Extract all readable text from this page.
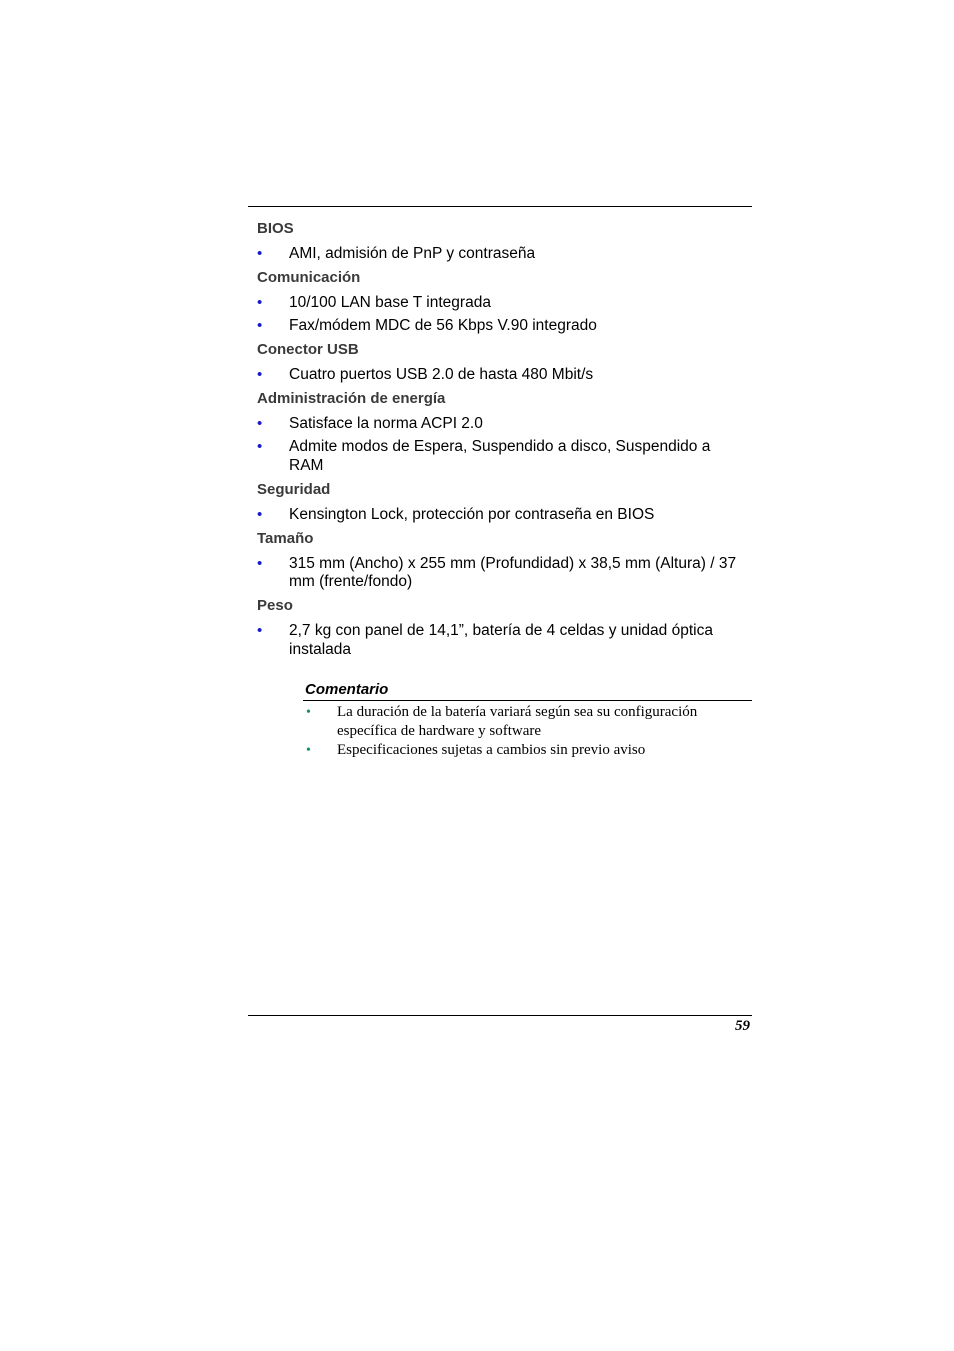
BIOS
• AMI, admisión de PnP y contraseña
Comunicación
• 10/100 LAN base T integrada
• Fax/módem MDC de 56 Kbps V.90 integrado
Conector USB
• Cuatro puertos USB 2.0 de hasta 480 Mbit/s
Administración de energía
• Satisface la norma ACPI 2.0
• Admite modos de Espera, Suspendido a disco, Suspendido a RAM
Seguridad
• Kensington Lock, protección por contraseña en BIOS
Tamaño
• 315 mm (Ancho) x 255 mm (Profundidad) x 38,5 mm (Altura) / 37 mm (frente/fondo)
Peso
• 2,7 kg con panel de 14,1”, batería de 4 celdas y unidad óptica instalada
Comentario
• La duración de la batería variará según sea su configuración específica de hardware y software
• Especificaciones sujetas a cambios sin previo aviso
59
